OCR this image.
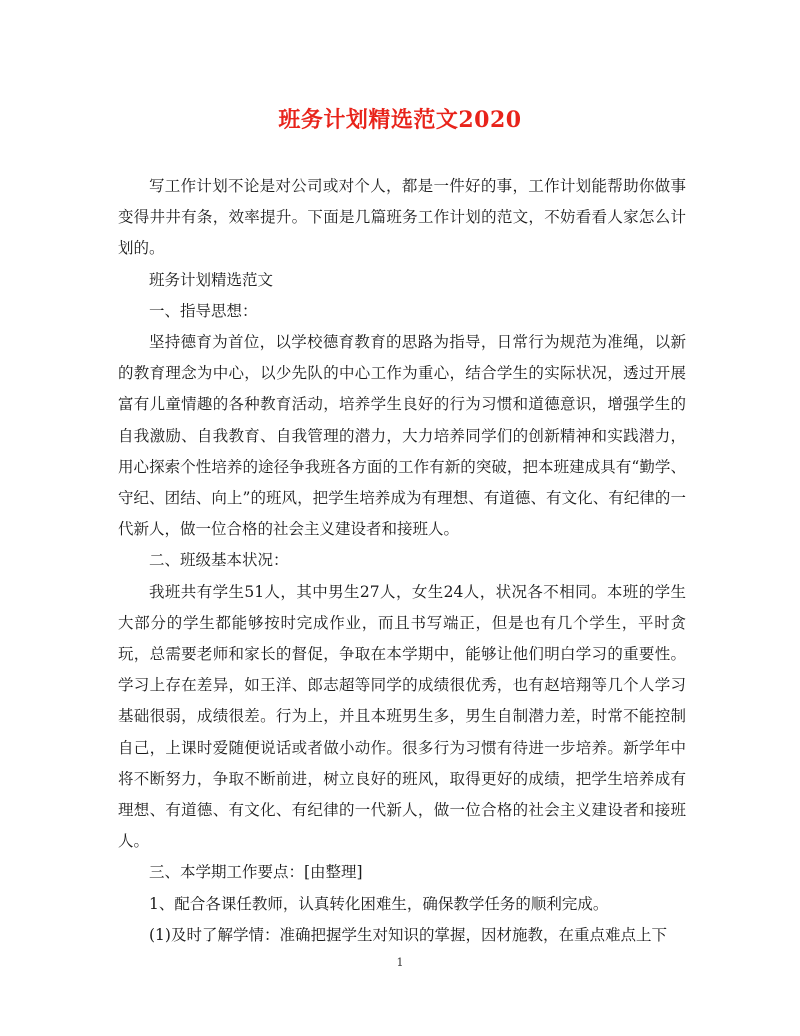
班务计划精选范文2020

写工作计划不论是对公司或对个人，都是一件好的事，工作计划能帮助你做事变得井井有条，效率提升。下面是几篇班务工作计划的范文，不妨看看人家怎么计划的。

班务计划精选范文

一、指导思想：

坚持德育为首位，以学校德育教育的思路为指导，日常行为规范为准绳，以新的教育理念为中心，以少先队的中心工作为重心，结合学生的实际状况，透过开展富有儿童情趣的各种教育活动，培养学生良好的行为习惯和道德意识，增强学生的自我激励、自我教育、自我管理的潜力，大力培养同学们的创新精神和实践潜力，用心探索个性培养的途径争我班各方面的工作有新的突破，把本班建成具有“勤学、守纪、团结、向上”的班风，把学生培养成为有理想、有道德、有文化、有纪律的一代新人，做一位合格的社会主义建设者和接班人。

二、班级基本状况：

我班共有学生51人，其中男生27人，女生24人，状况各不相同。本班的学生大部分的学生都能够按时完成作业，而且书写端正，但是也有几个学生，平时贪玩，总需要老师和家长的督促，争取在本学期中，能够让他们明白学习的重要性。学习上存在差异，如王洋、郎志超等同学的成绩很优秀，也有赵培翔等几个人学习基础很弱，成绩很差。行为上，并且本班男生多，男生自制潜力差，时常不能控制自己，上课时爱随便说话或者做小动作。很多行为习惯有待进一步培养。新学年中将不断努力，争取不断前进，树立良好的班风，取得更好的成绩，把学生培养成有理想、有道德、有文化、有纪律的一代新人，做一位合格的社会主义建设者和接班人。

三、本学期工作要点：[由整理]

1、配合各课任教师，认真转化困难生，确保教学任务的顺利完成。

(1)及时了解学情：准确把握学生对知识的掌握，因材施教，在重点难点上下

1
